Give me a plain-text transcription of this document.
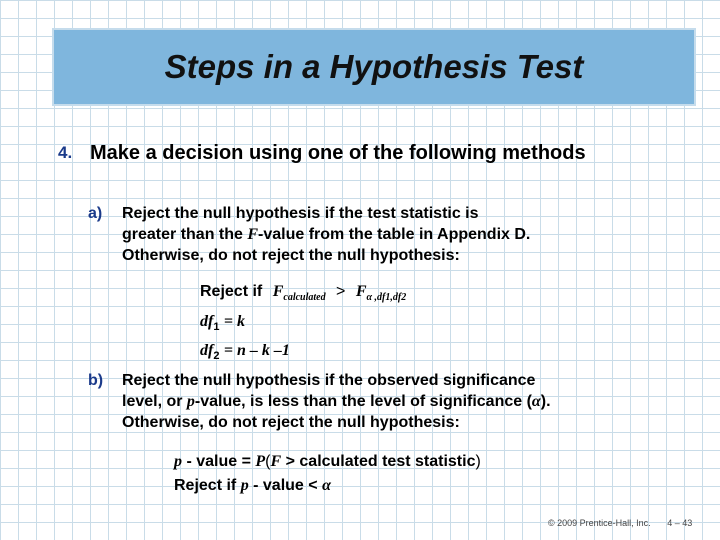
Steps in a Hypothesis Test
4. Make a decision using one of the following methods
a) Reject the null hypothesis if the test statistic is
greater than the F-value from the table in Appendix D.
Otherwise, do not reject the null hypothesis:
Reject if $F_{calculated} > F_{\alpha ,df1,df2}$
$df_1 = k$
$df_2 = n - k$ –1
b) Reject the null hypothesis if the observed significance
level, or p-value, is less than the level of significance (α).
Otherwise, do not reject the null hypothesis:
p - value = P(F > calculated test statistic)
Reject if p - value < α
© 2009 Prentice-Hall, Inc. 4 – 43
